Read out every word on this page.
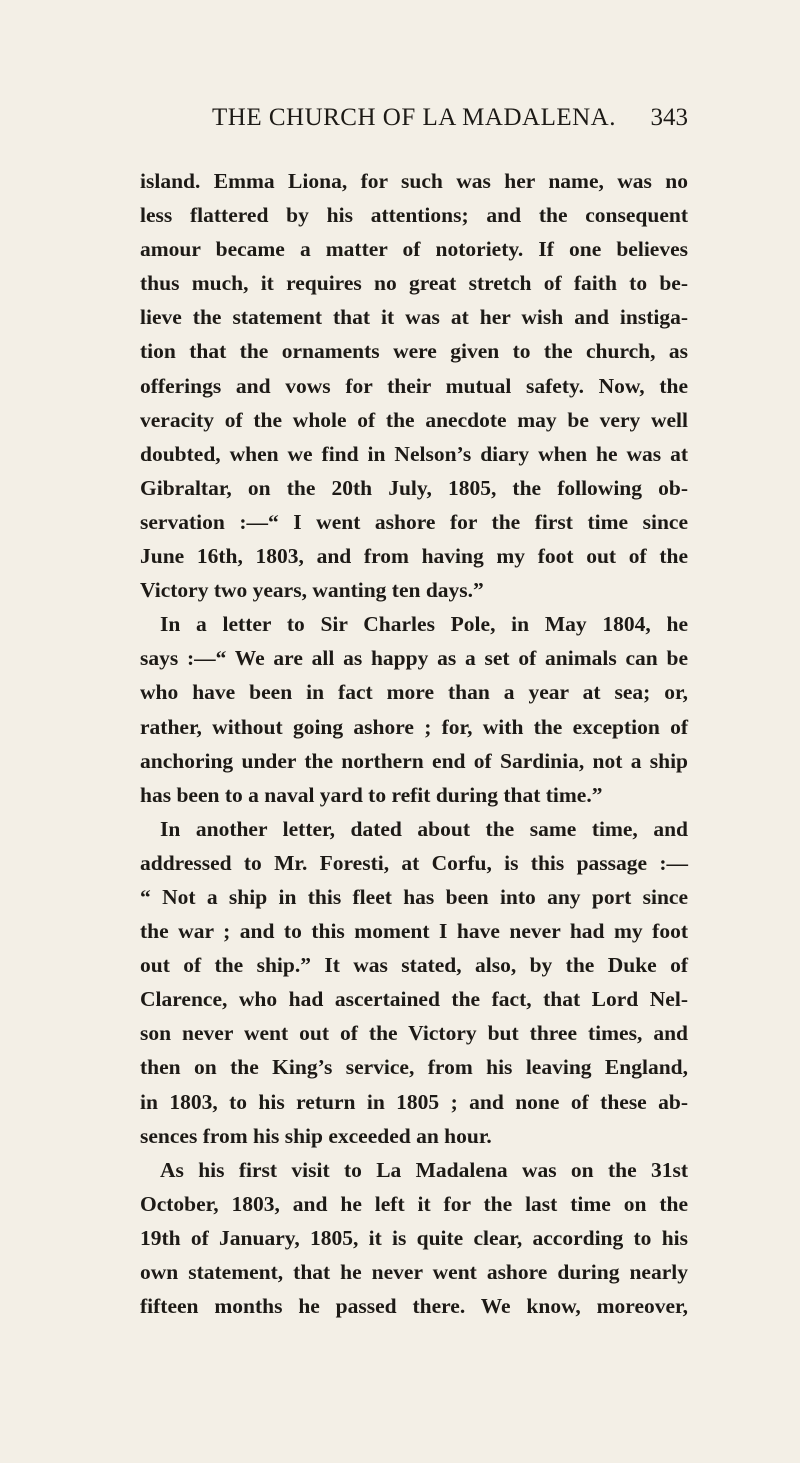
THE CHURCH OF LA MADALENA.	343
island. Emma Liona, for such was her name, was no
less flattered by his attentions; and the consequent
amour became a matter of notoriety. If one believes
thus much, it requires no great stretch of faith to be-
lieve the statement that it was at her wish and instiga-
tion that the ornaments were given to the church, as
offerings and vows for their mutual safety. Now, the
veracity of the whole of the anecdote may be very well
doubted, when we find in Nelson’s diary when he was at
Gibraltar, on the 20th July, 1805, the following ob-
servation :—“ I went ashore for the first time since
June 16th, 1803, and from having my foot out of the
Victory two years, wanting ten days.”
In a letter to Sir Charles Pole, in May 1804, he
says :—“ We are all as happy as a set of animals can be
who have been in fact more than a year at sea; or,
rather, without going ashore ; for, with the exception of
anchoring under the northern end of Sardinia, not a ship
has been to a naval yard to refit during that time.”
In another letter, dated about the same time, and
addressed to Mr. Foresti, at Corfu, is this passage :—
“ Not a ship in this fleet has been into any port since
the war ; and to this moment I have never had my foot
out of the ship.” It was stated, also, by the Duke of
Clarence, who had ascertained the fact, that Lord Nel-
son never went out of the Victory but three times, and
then on the King’s service, from his leaving England,
in 1803, to his return in 1805 ; and none of these ab-
sences from his ship exceeded an hour.
As his first visit to La Madalena was on the 31st
October, 1803, and he left it for the last time on the
19th of January, 1805, it is quite clear, according to his
own statement, that he never went ashore during nearly
fifteen months he passed there. We know, moreover,
